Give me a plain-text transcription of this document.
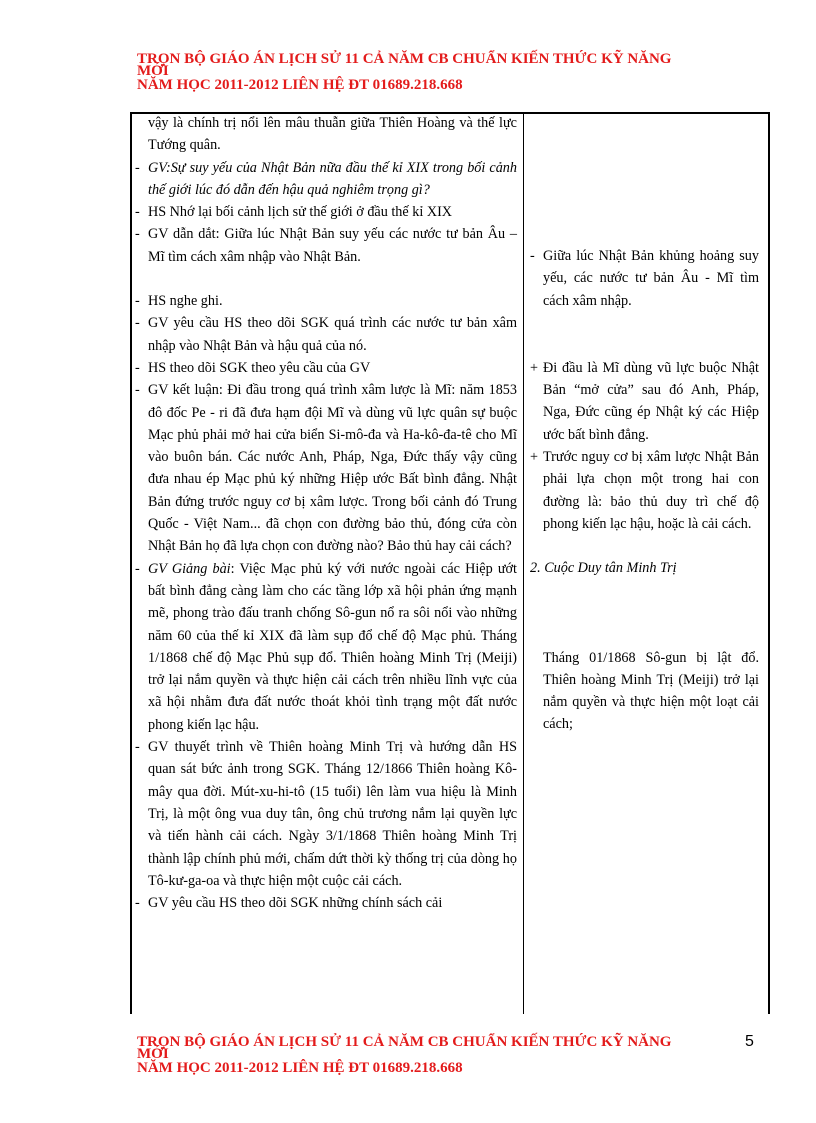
TRỌN BỘ GIÁO ÁN LỊCH SỬ 11 CẢ NĂM CB CHUẨN KIẾN THỨC KỸ NĂNG
MỚI
NĂM HỌC 2011-2012 LIÊN HỆ ĐT 01689.218.668
vậy là chính trị nổi lên mâu thuẫn giữa Thiên Hoàng và thế lực Tướng quân.
- GV:Sự suy yếu của Nhật Bản nữa đầu thế kỉ XIX trong bối cảnh thế giới lúc đó dẫn đến hậu quả nghiêm trọng gì?
- HS Nhớ lại bối cảnh lịch sử thế giới ở đầu thế kỉ XIX
- GV dẫn dắt: Giữa lúc Nhật Bản suy yếu các nước tư bản Âu – Mĩ tìm cách xâm nhập vào Nhật Bản.
- HS nghe ghi.
- GV yêu cầu HS theo dõi SGK quá trình các nước tư bản xâm nhập vào Nhật Bản và hậu quả của nó.
- HS theo dõi SGK theo yêu cầu của GV
- GV kết luận: Đi đầu trong quá trình xâm lược là Mĩ: năm 1853 đô đốc Pe - ri đã đưa hạm đội Mĩ và dùng vũ lực quân sự buộc Mạc phủ phải mở hai cửa biển Si-mô-đa và Ha-kô-đa-tê cho Mĩ vào buôn bán. Các nước Anh, Pháp, Nga, Đức thấy vậy cũng đưa nhau ép Mạc phủ ký những Hiệp ước Bất bình đẳng. Nhật Bản đứng trước nguy cơ bị xâm lược. Trong bối cảnh đó Trung Quốc - Việt Nam... đã chọn con đường bảo thủ, đóng cửa còn Nhật Bản họ đã lựa chọn con đường nào? Bảo thủ hay cải cách?
- GV Giảng bài: Việc Mạc phủ ký với nước ngoài các Hiệp ướt bất bình đẳng càng làm cho các tầng lớp xã hội phản ứng mạnh mẽ, phong trào đấu tranh chống Sô-gun nổ ra sôi nổi vào những năm 60 của thế kỉ XIX đã làm sụp đổ chế độ Mạc phủ. Tháng 1/1868 chế độ Mạc Phủ sụp đổ. Thiên hoàng Minh Trị (Meiji) trở lại nắm quyền và thực hiện cải cách trên nhiều lĩnh vực của xã hội nhằm đưa đất nước thoát khỏi tình trạng một đất nước phong kiến lạc hậu.
- GV thuyết trình về Thiên hoàng Minh Trị và hướng dẫn HS quan sát bức ảnh trong SGK. Tháng 12/1866 Thiên hoàng Kô-mây qua đời. Mút-xu-hi-tô (15 tuổi) lên làm vua hiệu là Minh Trị, là một ông vua duy tân, ông chủ trương nắm lại quyền lực và tiến hành cải cách. Ngày 3/1/1868 Thiên hoàng Minh Trị thành lập chính phủ mới, chấm dứt thời kỳ thống trị của dòng họ Tô-kư-ga-oa và thực hiện một cuộc cải cách.
- GV yêu cầu HS theo dõi SGK những chính sách cải
- Giữa lúc Nhật Bản khủng hoảng suy yếu, các nước tư bản Âu - Mĩ tìm cách xâm nhập.
+ Đi đầu là Mĩ dùng vũ lực buộc Nhật Bản “mở cửa” sau đó Anh, Pháp, Nga, Đức cũng ép Nhật ký các Hiệp ước bất bình đẳng.
+ Trước nguy cơ bị xâm lược Nhật Bản phải lựa chọn một trong hai con đường là: bảo thủ duy trì chế độ phong kiến lạc hậu, hoặc là cải cách.
2. Cuộc Duy tân Minh Trị
Tháng 01/1868 Sô-gun bị lật đổ. Thiên hoàng Minh Trị (Meiji) trở lại nắm quyền và thực hiện một loạt cải cách;
TRỌN BỘ GIÁO ÁN LỊCH SỬ 11 CẢ NĂM CB CHUẨN KIẾN THỨC KỸ NĂNG
MỚI
NĂM HỌC 2011-2012 LIÊN HỆ ĐT 01689.218.668
5
